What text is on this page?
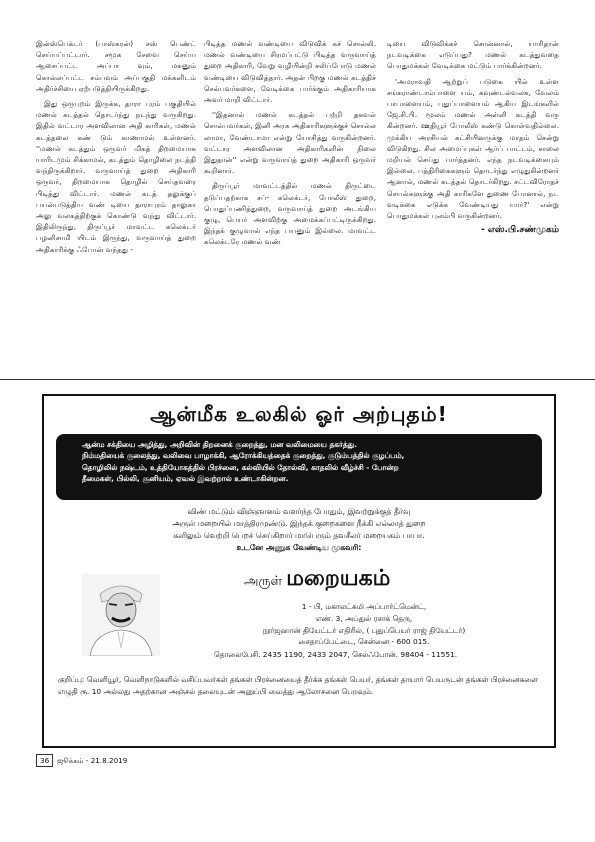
இன்ஸ்பெக்டர் (பாஸ்கரன்) சஸ் பெண்ட் செய்யப்பட்டார். சமூக சேவை செய்ய ஆசைப்பட்ட அப்பா வும், மகனும் கொல்லப்பட்ட சம்பவம் அப்பகுதி மக்களிடம் அதிர்ச்சியை ஏற்படுத்தியிருக்கிறது.

இது ஒருபுறம் இருக்க, தாரா புரம் பகுதியில் மணல் கடத்தல் தொடர்ந்து நடந்து வருகிறது. இதில் வட்டார அளவிலான அதி காரிகள், மணல் கடத்தலை கண் டும் காணாமல் உள்ளனர். ''மணல் கடத்தும் ஒருவர் மிகத் திறமையாக யாரிடமும் சிக்காமல், கடத்தும் தொழிலை நடத்தி வந்திருக்கிறார். வருவாய்த் துறை அதிகாரி ஒருவர், திறமையாக தொழில் செய்தவரை பிடித்து விட்டார். மணல் கடத் தலுக்குப் பயன்படுத்திய வண் டியை தாராபுரம் தாலுகா அலு வலகத்திற்குக் கொண்டு வந்து விட்டார். இதிலிருந்து, திருப்பூர் மாவட்ட கலெக்டர் பழனிசாமி யிடம் இருந்து, வருவாய்த் துறை அதிகாரிக்கு ஃபோன் வந்தது -

பிடித்த மணல் வண்டியை விடுவிக் கச் சொல்லி. மணல் வண்டியை சிரமப்பட்டு பிடித்த வருவாய்த் துறை அதிகாரி, வேறு வழியின்றி சலிப்போடு மணல் வண்டியை விடுவித்தார். அதன் பிறகு மணல் கடத்திச் செல்பவர்களை, வேடிக்கை பார்க்கும் அதிகாரியாக அவர் மாறி விட்டார்.

''இதனால் மணல் கடத்தல் பற்றி தகவல் சொல்பவர்கள், இனி அரசு அதிகாரிகளுக்குச் சொல்ல லாமா, வேண்டாமா என்று யோசித்து வருகின்றனர். வட்டார அளவிலான அதிகாரிகளின் நிலை இதுதான்'' என்று வருவாய்த் துறை அதிகாரி ஒருவர் கூறினார்.

திருப்பூர் மாவட்டத்தில் மணல் திருட்டை தடுப்பதற்காக சப்- கலெக்டர், போலீஸ் துறை, பொதுப்பணித்துறை, வருவாய்த் துறை அடங்கிய குழு, பெயர் அளவிற்கு அமைக்கப்பட்டிருக்கிறது. இந்தக் குழுவால் எந்த பயனும் இல்லை. மாவட்ட கலெக்டரே மணல் வண்

டியை விடுவிக்கச் சொன்னால், யாரிதான் நடவடிக்கை எடுப்பது? மணல் கடத்துவதை பொதுமக்கள் வேடிக்கை மட்டும் பார்க்கின்றனர்.

'அமராவதி ஆற்றுப் படுகை யில் உள்ள சங்கராண்டாம்பாளை யம், கவுண்டல்வலசு, வேலம் பாபாளையம், புதுப்பாளையம் ஆகிய இடங்களில் ஜே.சி.பி. மூலம் மணல் அள்ளி கடத்தி வரு கின்றனர். ஊதியூர் போலீஸ் கண்டு கொள்வதில்லை. முக்கிய அரசியல் கட்சியினருக்கு மாதம் சென்று விடுகிறது. சில அமைப்புகள் ஆர்ப் பாட்டம், சாலை மறியல் செய்து பார்த்தனர். எந்த நடவடிக்கையும் இல்லை. பத்திரிகைகளும் தொடர்ந்து எழுதுகின்றனர் ஆனால், மணல் கடத்தல் தொடர்கிறது. சட்டவிரோதச் செயல்களுக்கு அதி காரிகளே துணை போனால், நட வடிக்கை எடுக்க வேண்டியது யார்?' என்று பொதுமக்கள் புலம்பி வருகின்றனர்.

- எஸ்.பி.சண்முகம்
ஆன்மீக உலகில் ஓர் அற்புதம்!

ஆன்ம சக்தியை அழித்து, அறிவின் திறனைக் குறைத்து, மன வலிமையை தகர்த்து.

நிம்மதியைக் குலைத்து, வலிவை பாழாக்கி, ஆரோக்கியத்தைக் குறைத்து, குடும்பத்தில் குழப்பம்,

தொழிலில் நஷ்டம், உத்தியோகத்தில் பிரச்னை, கல்வியில் தோல்வி, காதலில் வீழ்ச்சி - போன்ற

தீமைகள், பில்லி, சூனியம், ஏவல் இவற்றால் உண்டாகின்றன.

விண் மட்டும் விஞ்ஞானம் வளர்ந்த போதும், இவற்றுக்குத் தீர்வு

அருள் மறையில் மாத்திரமுண்டு. இந்தக் குறைகளை நீக்கி எல்லாத் துறை

களிலும் வெற்றி பெறச் செய்கிறார் மாபெரும் தவசீலர் மறையகம் பாபா.

உடனே அணுக வேண்டிய முகவரி:

அருள் மறையகம்

1 - பி, மகாலட்சுமி அப்பார்ட்மென்ட்,

எண். 3, அப்துல் ரசாக் தெரு,

நூர்ஜஹான் தியேட்டர் எதிரில், ( புதுப்பெயர் ராஜ் தியேட்டர்)

சைதாப்பேட்டை, சென்னை - 600 015.

தொலைபேசி. 2435 1190, 2433 2047, செல்ஃபோன். 98404 - 11551.
குறிப்பு: வெளியூர், வெளிநாடுகளில் வசிப்பவர்கள் தங்கள் பிரச்னையைத் தீர்க்க தங்கள் பெயர், தங்கள் தாயார் பெயருடன் தங்கள் பிரச்னைகளை எழுதி ரூ. 10 அல்லது அதற்கான அஞ்சல் தலையுடன் அனுப்பி வைத்து ஆலோசனை பெறவும்.
36	ஜூக்கம் - 21.8.2019
